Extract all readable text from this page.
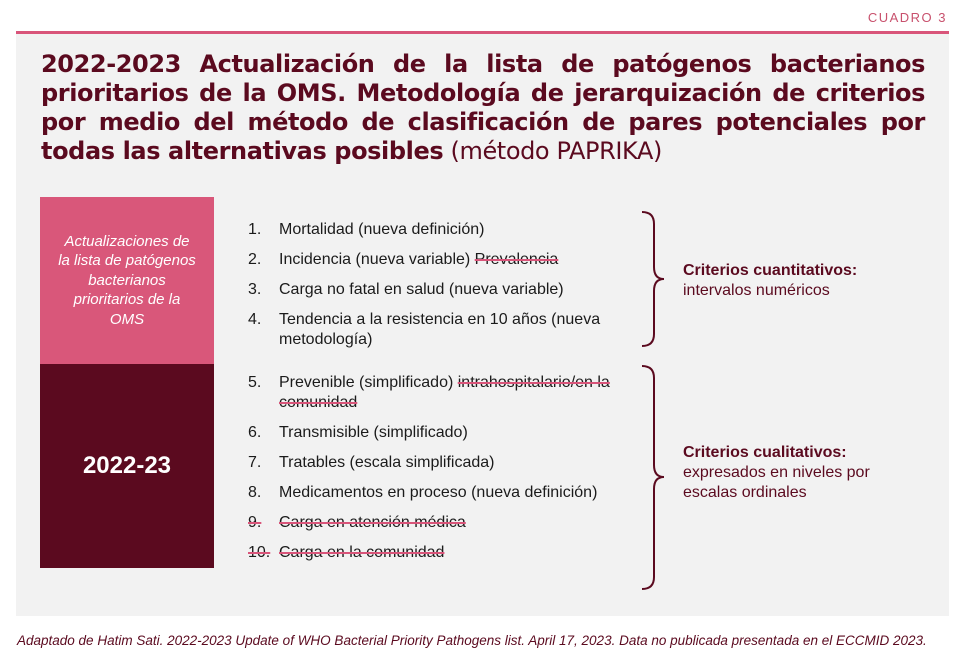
CUADRO 3
2022-2023 Actualización de la lista de patógenos bacterianos prioritarios de la OMS. Metodología de jerarquización de criterios por medio del método de clasificación de pares potenciales por todas las alternativas posibles (método PAPRIKA)
Actualizaciones de la lista de patógenos bacterianos prioritarios de la OMS
2022-23
1.	Mortalidad (nueva definición)
2.	Incidencia (nueva variable) Prevalencia
3.	Carga no fatal en salud (nueva variable)
4.	Tendencia a la resistencia en 10 años (nueva metodología)
5.	Prevenible (simplificado) intrahospitalario/en la comunidad
6.	Transmisible (simplificado)
7.	Tratables (escala simplificada)
8.	Medicamentos en proceso (nueva definición)
9.	Carga en atención médica
10. Carga en la comunidad
Criterios cuantitativos:
intervalos numéricos
Criterios cualitativos:
expresados en niveles por escalas ordinales
Adaptado de Hatim Sati. 2022-2023 Update of WHO Bacterial Priority Pathogens list. April 17, 2023. Data no publicada presentada en el ECCMID 2023.
